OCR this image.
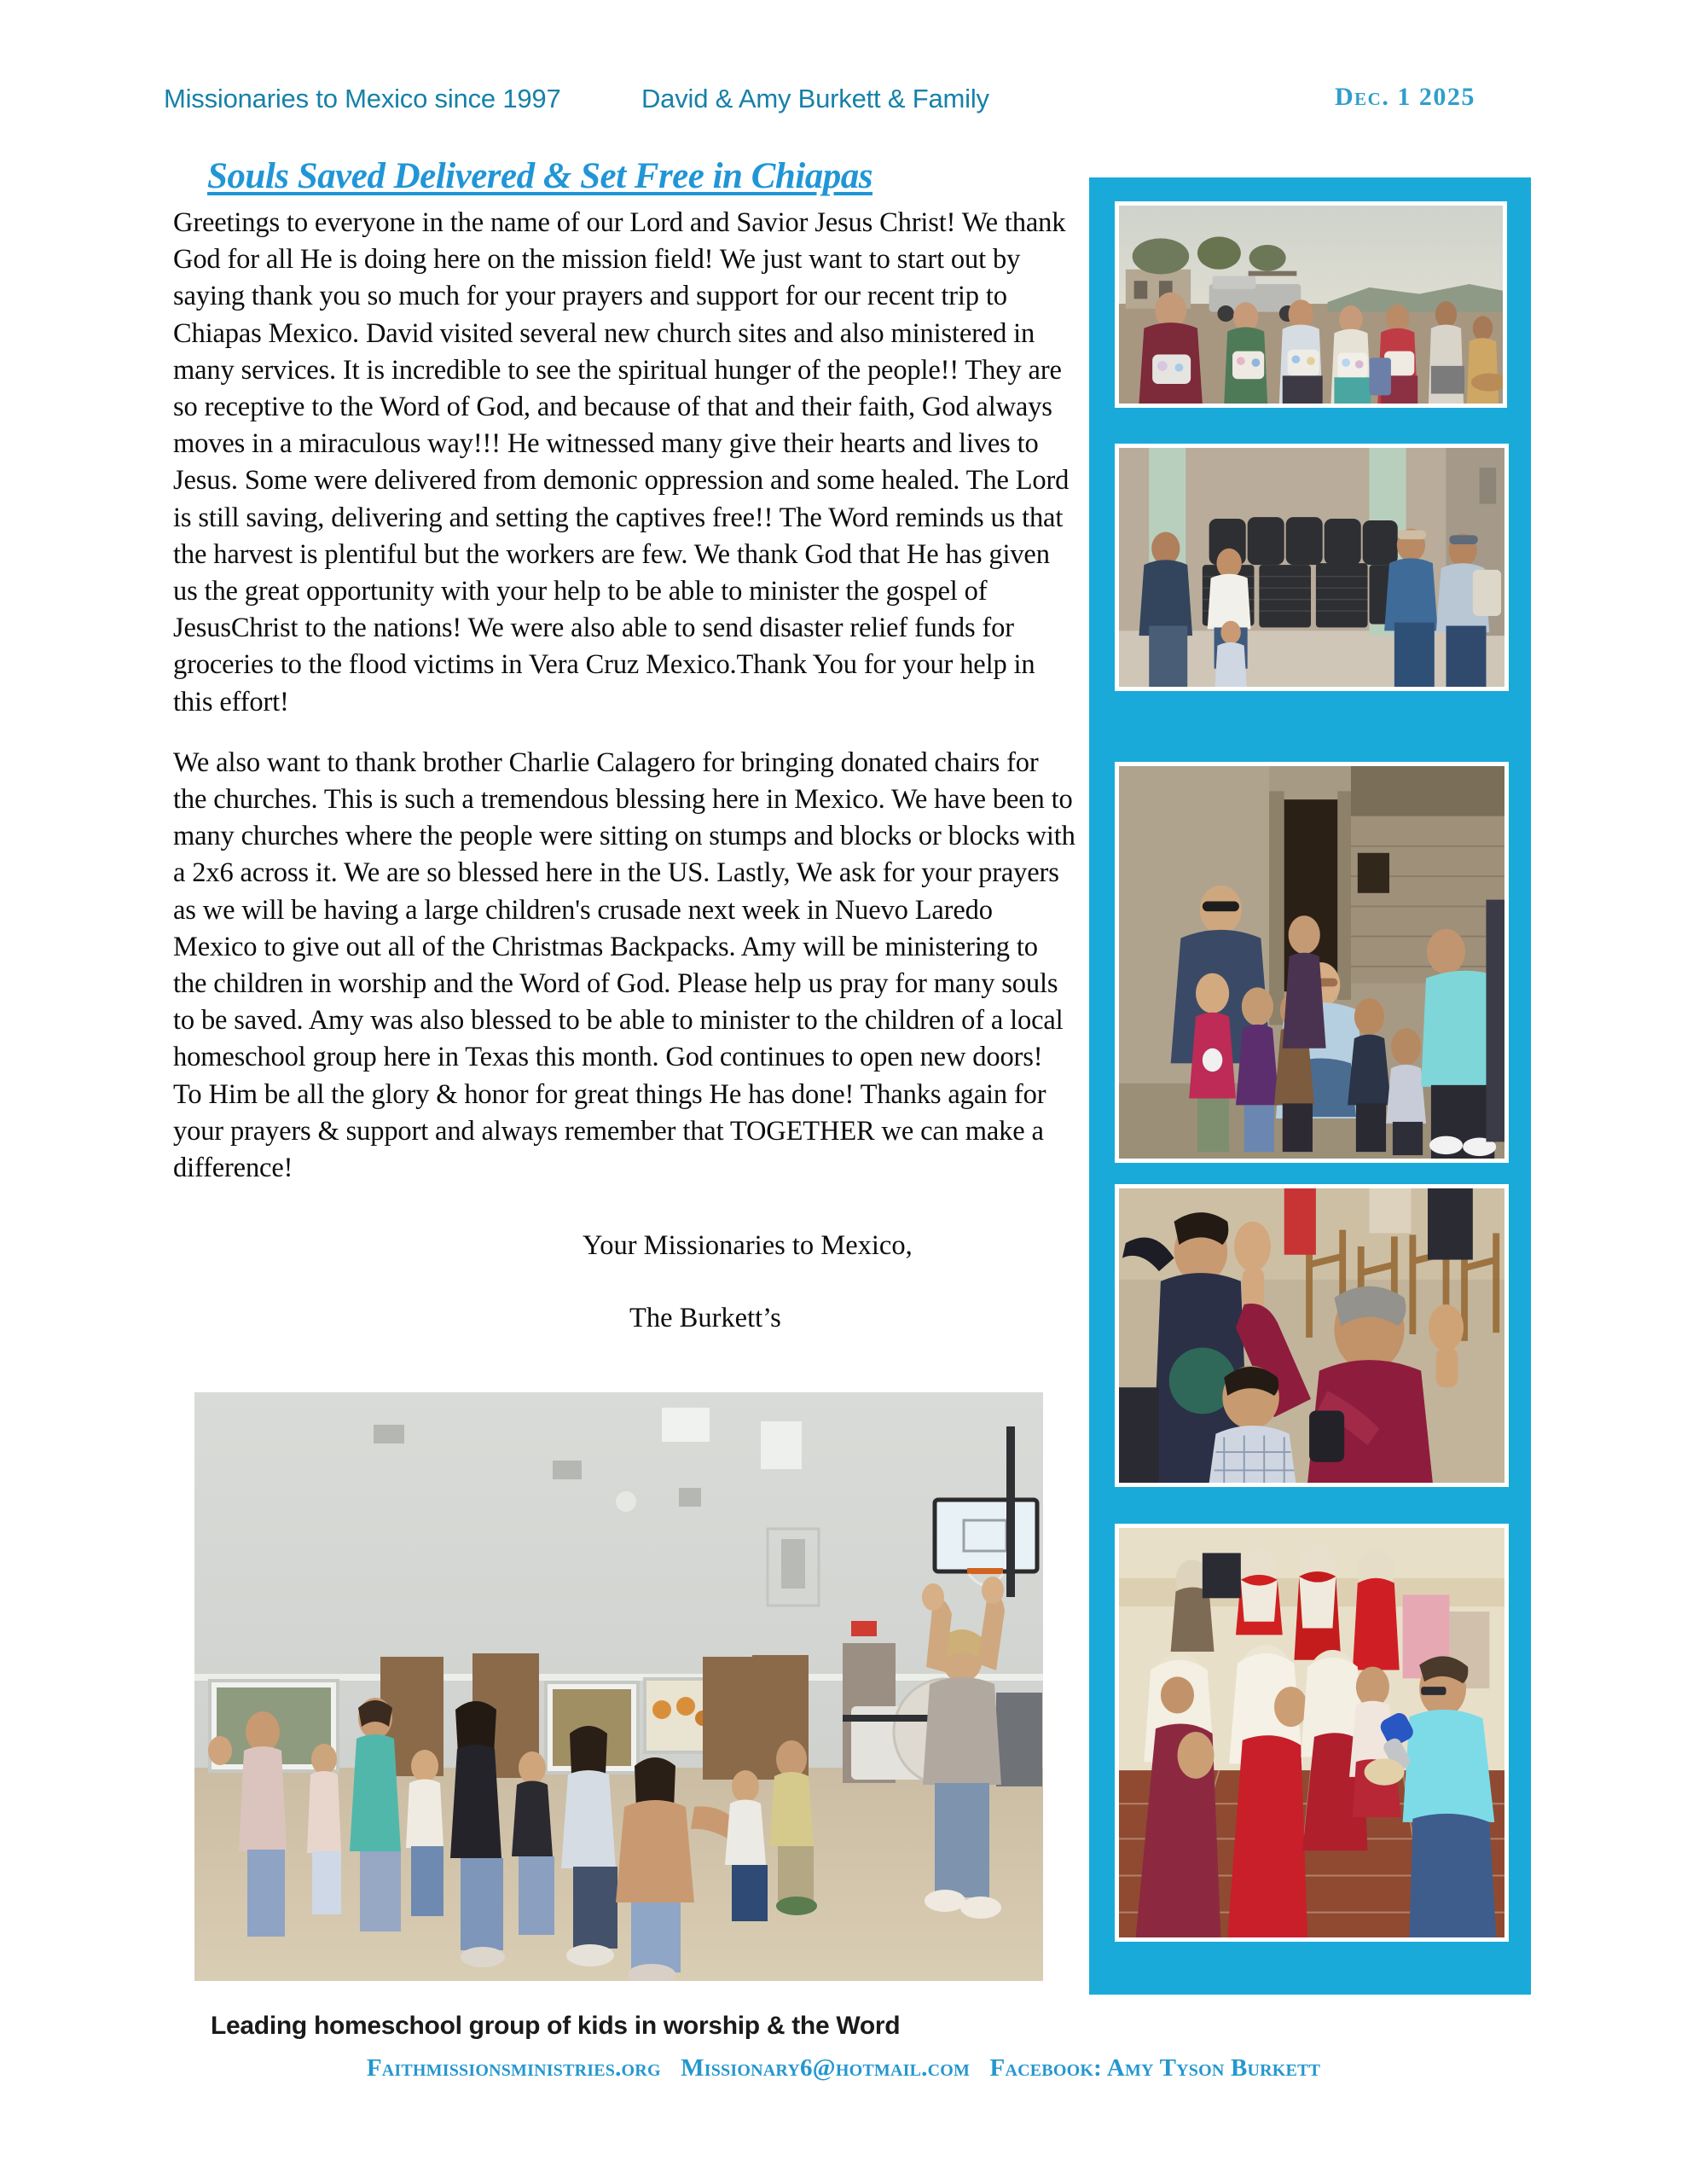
Missionaries to Mexico since 1997	David & Amy Burkett & Family	Dec. 1 2025
Souls Saved Delivered & Set Free in Chiapas

Greetings to everyone in the name of our Lord and Savior Jesus Christ! We thank God for all He is doing here on the mission field! We just want to start out by saying thank you so much for your prayers and support for our recent trip to Chiapas Mexico. David visited several new church sites and also ministered in many services. It is incredible to see the spiritual hunger of the people!! They are so receptive to the Word of God, and because of that and their faith, God always moves in a miraculous way!!! He witnessed many give their hearts and lives to Jesus. Some were delivered from demonic oppression and some healed. The Lord is still saving, delivering and setting the captives free!! The Word reminds us that the harvest is plentiful but the workers are few. We thank God that He has given us the great opportunity with your help to be able to minister the gospel of JesusChrist to the nations! We were also able to send disaster relief funds for groceries to the flood victims in Vera Cruz Mexico.Thank You for your help in this effort!

We also want to thank brother Charlie Calagero for bringing donated chairs for the churches. This is such a tremendous blessing here in Mexico. We have been to many churches where the people were sitting on stumps and blocks or blocks with a 2x6 across it. We are so blessed here in the US. Lastly, We ask for your prayers as we will be having a large children's crusade next week in Nuevo Laredo Mexico to give out all of the Christmas Backpacks. Amy will be ministering to the children in worship and the Word of God. Please help us pray for many souls to be saved. Amy was also blessed to be able to minister to the children of a local homeschool group here in Texas this month. God continues to open new doors! To Him be all the glory & honor for great things He has done! Thanks again for your prayers & support and always remember that TOGETHER we can make a difference!

Your Missionaries to Mexico,

The Burkett’s

Leading homeschool group of kids in worship & the Word
Faithmissionsministries.org Missionary6@hotmail.com Facebook: Amy Tyson Burkett
